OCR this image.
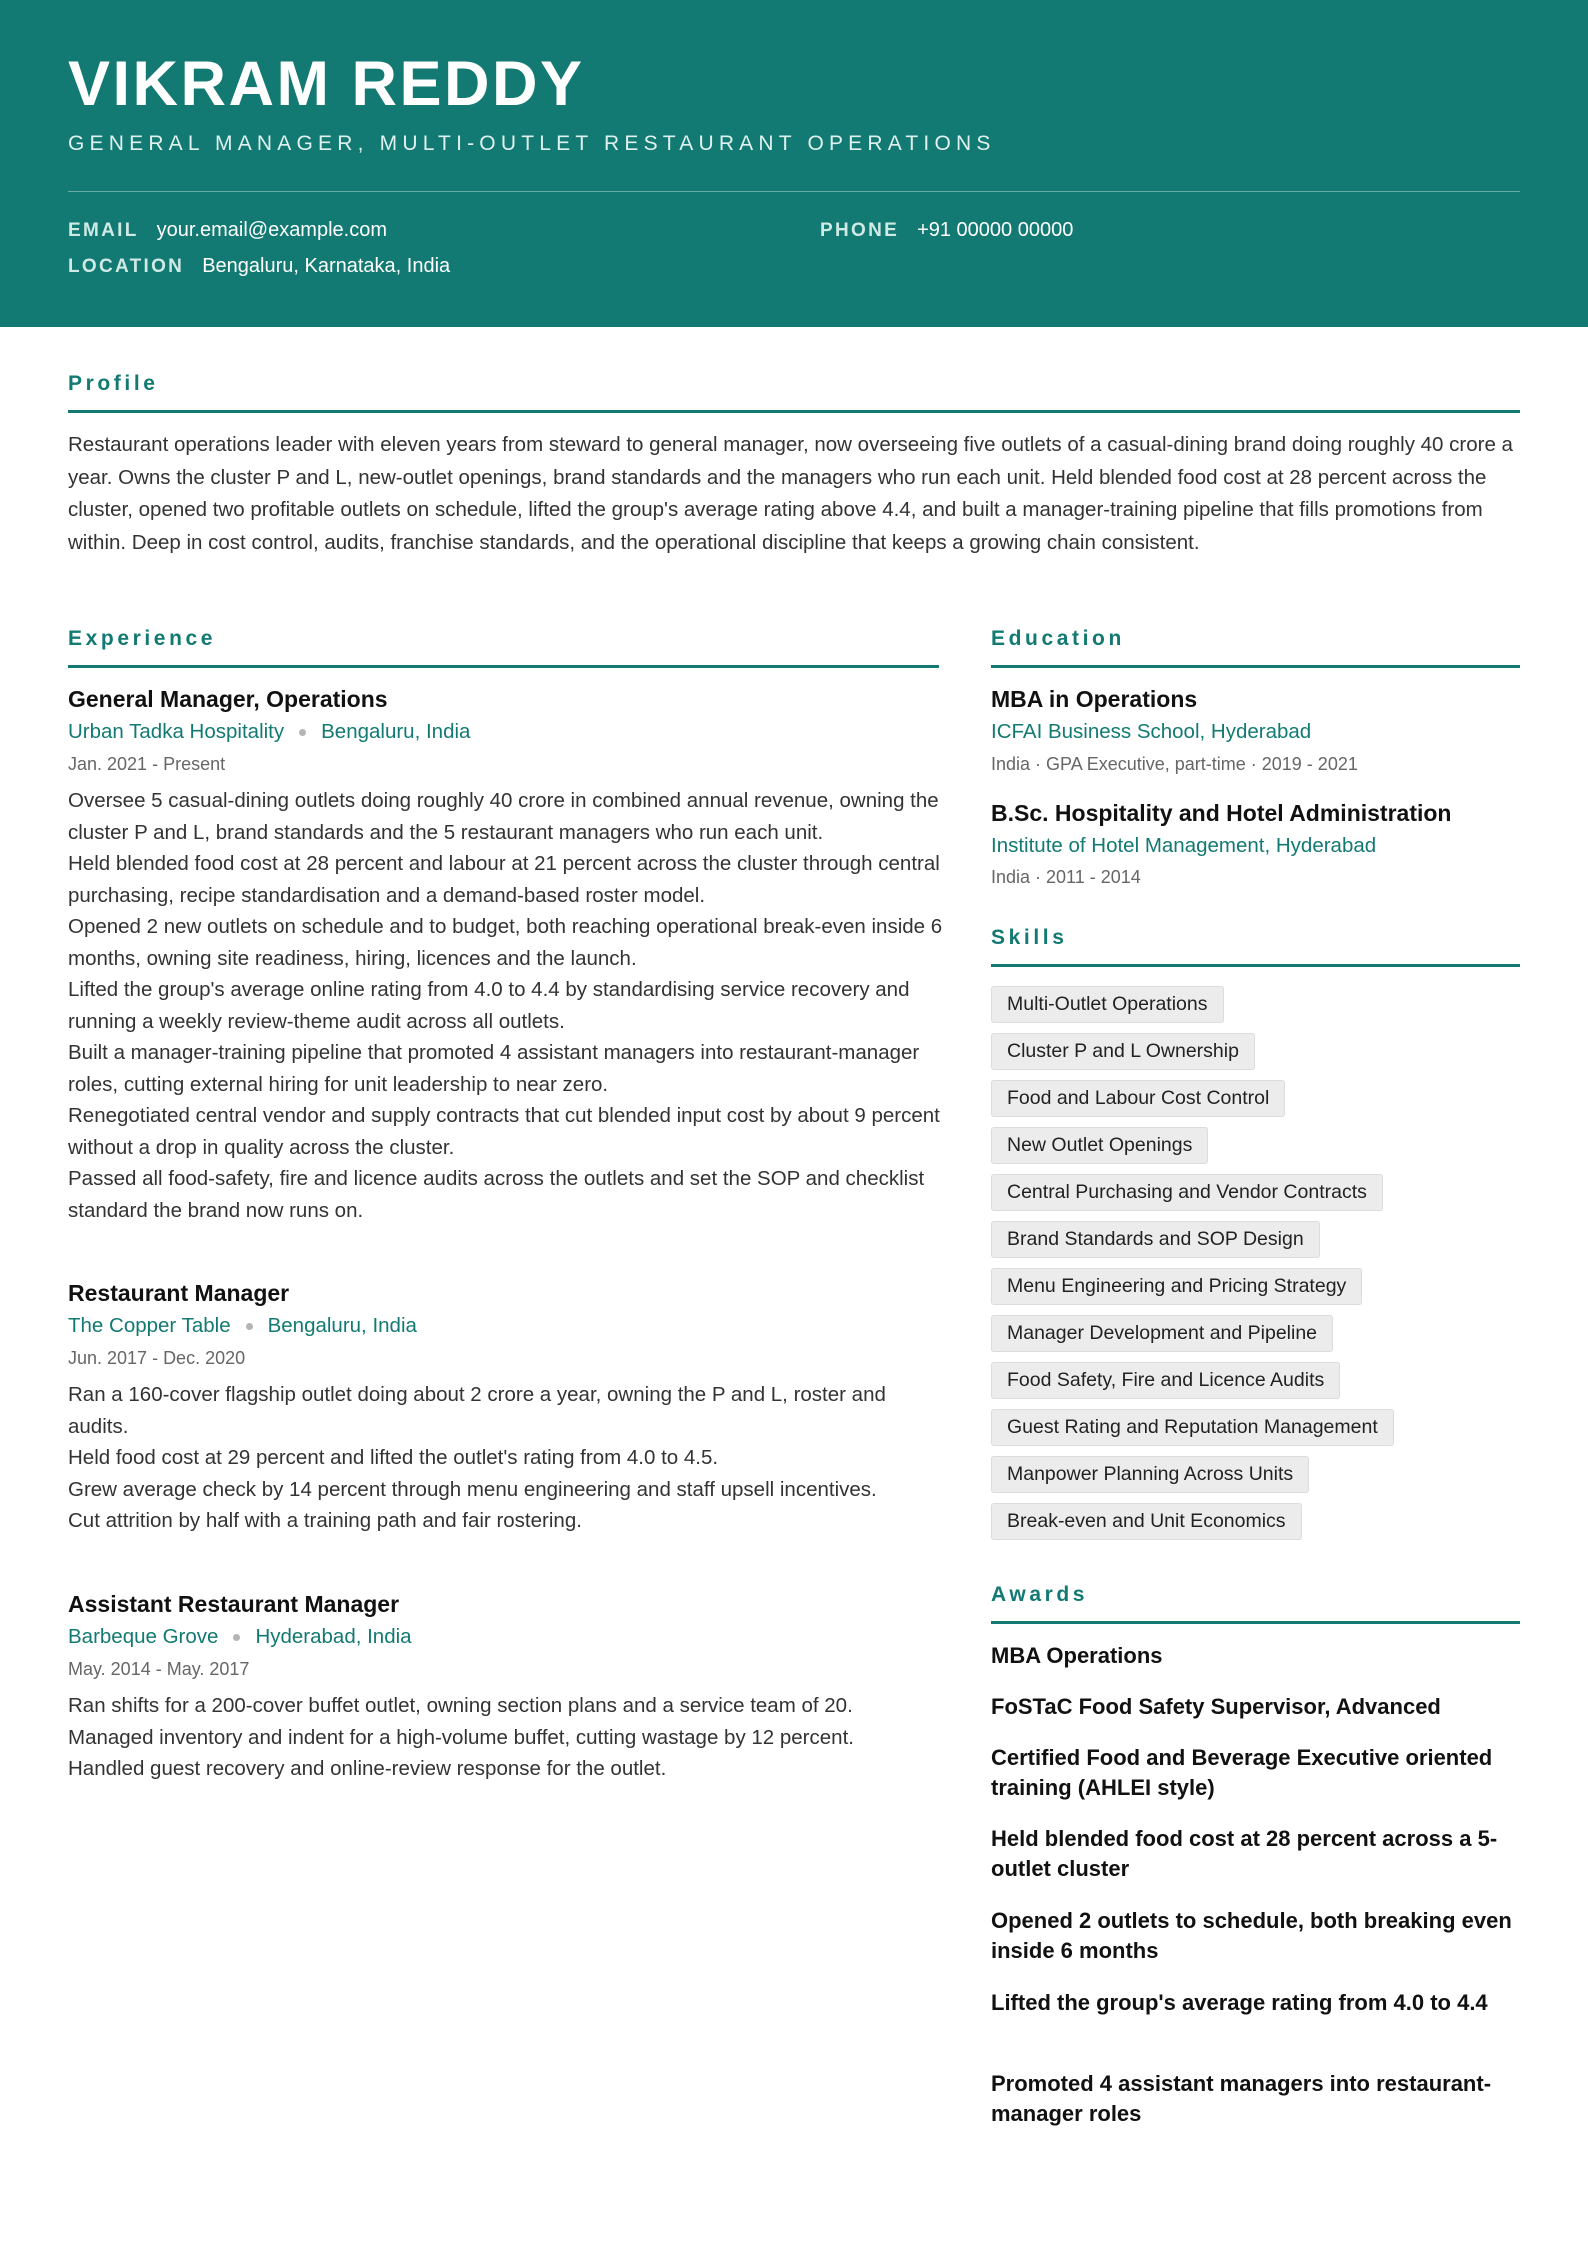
VIKRAM REDDY
GENERAL MANAGER, MULTI-OUTLET RESTAURANT OPERATIONS
EMAIL your.email@example.com	PHONE +91 00000 00000
LOCATION Bengaluru, Karnataka, India
Profile
Restaurant operations leader with eleven years from steward to general manager, now overseeing five outlets of a casual-dining brand doing roughly 40 crore a year. Owns the cluster P and L, new-outlet openings, brand standards and the managers who run each unit. Held blended food cost at 28 percent across the cluster, opened two profitable outlets on schedule, lifted the group's average rating above 4.4, and built a manager-training pipeline that fills promotions from within. Deep in cost control, audits, franchise standards, and the operational discipline that keeps a growing chain consistent.
Experience
General Manager, Operations
Urban Tadka Hospitality Bengaluru, India
Jan. 2021 - Present
Oversee 5 casual-dining outlets doing roughly 40 crore in combined annual revenue, owning the cluster P and L, brand standards and the 5 restaurant managers who run each unit.
Held blended food cost at 28 percent and labour at 21 percent across the cluster through central purchasing, recipe standardisation and a demand-based roster model.
Opened 2 new outlets on schedule and to budget, both reaching operational break-even inside 6 months, owning site readiness, hiring, licences and the launch.
Lifted the group's average online rating from 4.0 to 4.4 by standardising service recovery and running a weekly review-theme audit across all outlets.
Built a manager-training pipeline that promoted 4 assistant managers into restaurant-manager roles, cutting external hiring for unit leadership to near zero.
Renegotiated central vendor and supply contracts that cut blended input cost by about 9 percent without a drop in quality across the cluster.
Passed all food-safety, fire and licence audits across the outlets and set the SOP and checklist standard the brand now runs on.
Restaurant Manager
The Copper Table Bengaluru, India
Jun. 2017 - Dec. 2020
Ran a 160-cover flagship outlet doing about 2 crore a year, owning the P and L, roster and audits.
Held food cost at 29 percent and lifted the outlet's rating from 4.0 to 4.5.
Grew average check by 14 percent through menu engineering and staff upsell incentives.
Cut attrition by half with a training path and fair rostering.
Assistant Restaurant Manager
Barbeque Grove Hyderabad, India
May. 2014 - May. 2017
Ran shifts for a 200-cover buffet outlet, owning section plans and a service team of 20.
Managed inventory and indent for a high-volume buffet, cutting wastage by 12 percent.
Handled guest recovery and online-review response for the outlet.
Education
MBA in Operations
ICFAI Business School, Hyderabad
India · GPA Executive, part-time · 2019 - 2021
B.Sc. Hospitality and Hotel Administration
Institute of Hotel Management, Hyderabad
India · 2011 - 2014
Skills
Multi-Outlet Operations
Cluster P and L Ownership
Food and Labour Cost Control
New Outlet Openings
Central Purchasing and Vendor Contracts
Brand Standards and SOP Design
Menu Engineering and Pricing Strategy
Manager Development and Pipeline
Food Safety, Fire and Licence Audits
Guest Rating and Reputation Management
Manpower Planning Across Units
Break-even and Unit Economics
Awards
MBA Operations
FoSTaC Food Safety Supervisor, Advanced
Certified Food and Beverage Executive oriented training (AHLEI style)
Held blended food cost at 28 percent across a 5-outlet cluster
Opened 2 outlets to schedule, both breaking even inside 6 months
Lifted the group's average rating from 4.0 to 4.4
Promoted 4 assistant managers into restaurant-manager roles
